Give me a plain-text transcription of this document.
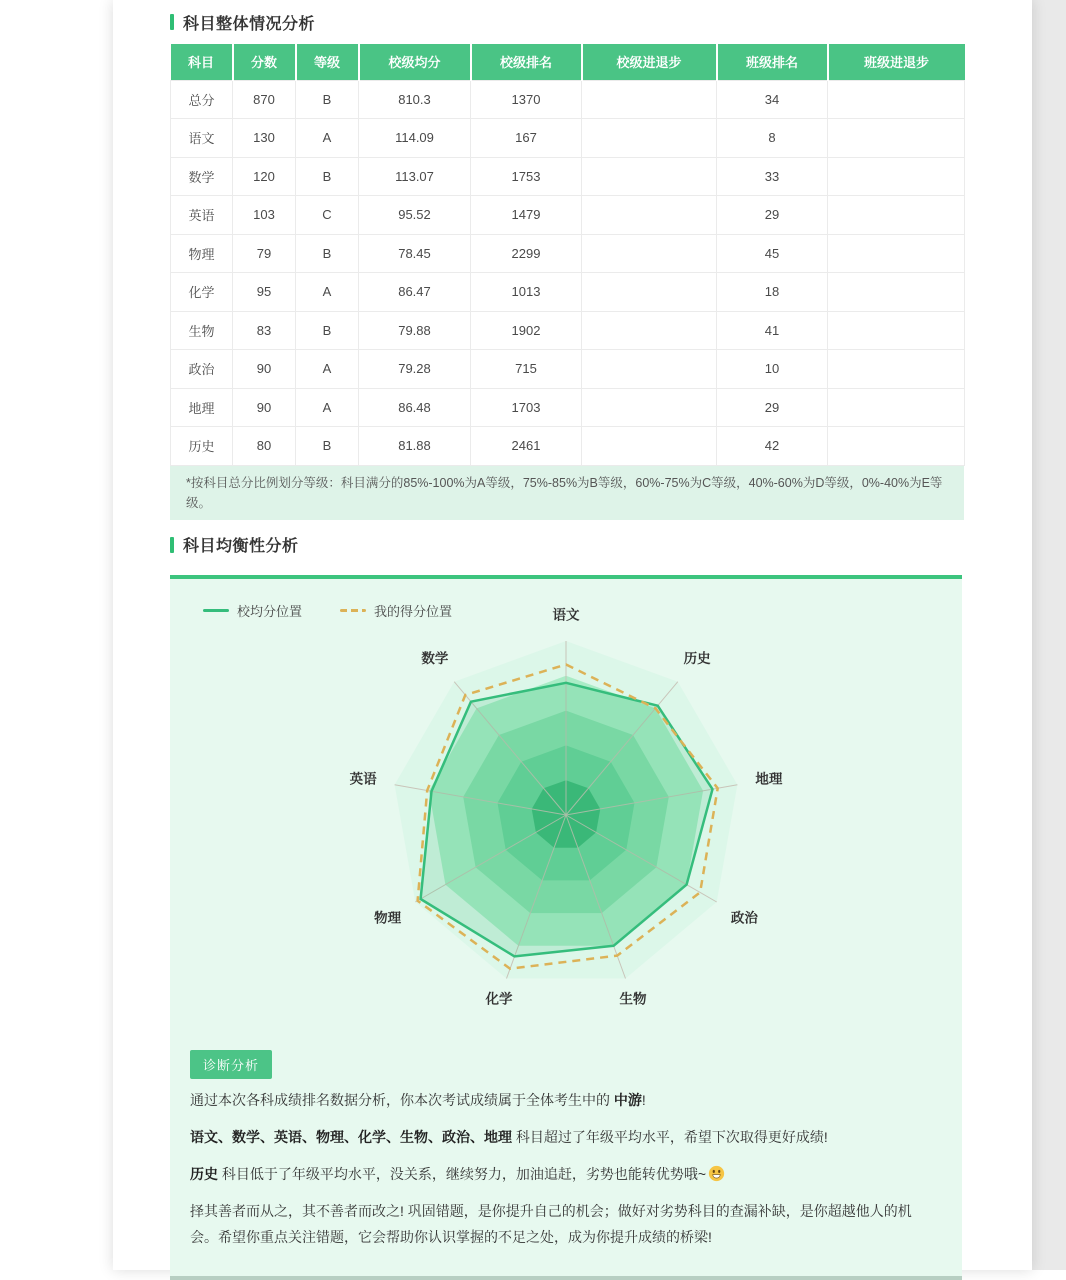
科目整体情况分析
科目	分数	等级	校级均分	校级排名	校级进退步	班级排名	班级进退步
总分	870	B	810.3	1370		34	
语文	130	A	114.09	167		8	
数学	120	B	113.07	1753		33	
英语	103	C	95.52	1479		29	
物理	79	B	78.45	2299		45	
化学	95	A	86.47	1013		18	
生物	83	B	79.88	1902		41	
政治	90	A	79.28	715		10	
地理	90	A	86.48	1703		29	
历史	80	B	81.88	2461		42	
*按科目总分比例划分等级：科目满分的85%-100%为A等级，75%-85%为B等级，60%-75%为C等级，40%-60%为D等级，0%-40%为E等级。
科目均衡性分析
校均分位置	我的得分位置	语文
历史
地理
政治
生物
化学
物理
英语
数学
诊断分析

通过本次各科成绩排名数据分析，你本次考试成绩属于全体考生中的 中游!

语文、数学、英语、物理、化学、生物、政治、地理 科目超过了年级平均水平，希望下次取得更好成绩!

历史 科目低于了年级平均水平，没关系，继续努力，加油追赶，劣势也能转优势哦~

择其善者而从之，其不善者而改之! 巩固错题，是你提升自己的机会；做好对劣势科目的查漏补缺，是你超越他人的机会。希望你重点关注错题，它会帮助你认识掌握的不足之处，成为你提升成绩的桥梁!
